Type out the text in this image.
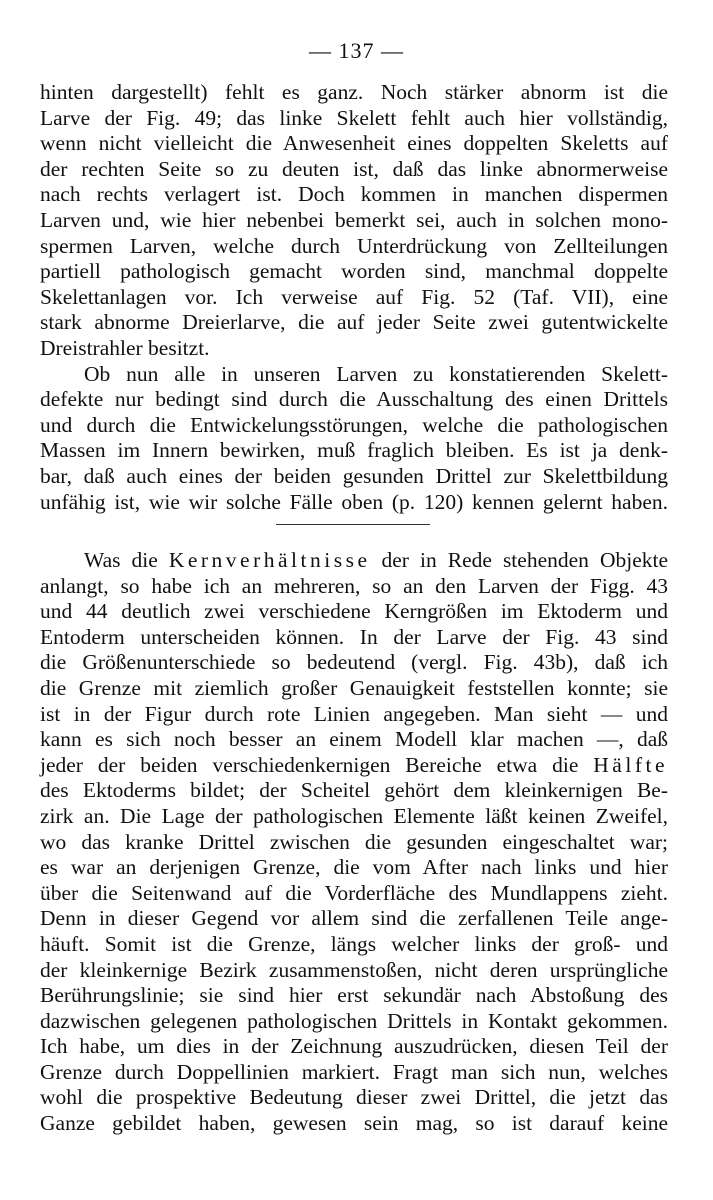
— 137 —
hinten dargestellt) fehlt es ganz. Noch stärker abnorm ist die
Larve der Fig. 49; das linke Skelett fehlt auch hier vollständig,
wenn nicht vielleicht die Anwesenheit eines doppelten Skeletts auf
der rechten Seite so zu deuten ist, daß das linke abnormerweise
nach rechts verlagert ist. Doch kommen in manchen dispermen
Larven und, wie hier nebenbei bemerkt sei, auch in solchen mono-
spermen Larven, welche durch Unterdrückung von Zellteilungen
partiell pathologisch gemacht worden sind, manchmal doppelte
Skelettanlagen vor. Ich verweise auf Fig. 52 (Taf. VII), eine
stark abnorme Dreierlarve, die auf jeder Seite zwei gutentwickelte
Dreistrahler besitzt.
Ob nun alle in unseren Larven zu konstatierenden Skelett-
defekte nur bedingt sind durch die Ausschaltung des einen Drittels
und durch die Entwickelungsstörungen, welche die pathologischen
Massen im Innern bewirken, muß fraglich bleiben. Es ist ja denk-
bar, daß auch eines der beiden gesunden Drittel zur Skelettbildung
unfähig ist, wie wir solche Fälle oben (p. 120) kennen gelernt haben.
Was die Kernverhältnisse der in Rede stehenden Objekte
anlangt, so habe ich an mehreren, so an den Larven der Figg. 43
und 44 deutlich zwei verschiedene Kerngrößen im Ektoderm und
Entoderm unterscheiden können. In der Larve der Fig. 43 sind
die Größenunterschiede so bedeutend (vergl. Fig. 43b), daß ich
die Grenze mit ziemlich großer Genauigkeit feststellen konnte; sie
ist in der Figur durch rote Linien angegeben. Man sieht — und
kann es sich noch besser an einem Modell klar machen —, daß
jeder der beiden verschiedenkernigen Bereiche etwa die Hälfte
des Ektoderms bildet; der Scheitel gehört dem kleinkernigen Be-
zirk an. Die Lage der pathologischen Elemente läßt keinen Zweifel,
wo das kranke Drittel zwischen die gesunden eingeschaltet war;
es war an derjenigen Grenze, die vom After nach links und hier
über die Seitenwand auf die Vorderfläche des Mundlappens zieht.
Denn in dieser Gegend vor allem sind die zerfallenen Teile ange-
häuft. Somit ist die Grenze, längs welcher links der groß- und
der kleinkernige Bezirk zusammenstoßen, nicht deren ursprüngliche
Berührungslinie; sie sind hier erst sekundär nach Abstoßung des
dazwischen gelegenen pathologischen Drittels in Kontakt gekommen.
Ich habe, um dies in der Zeichnung auszudrücken, diesen Teil der
Grenze durch Doppellinien markiert. Fragt man sich nun, welches
wohl die prospektive Bedeutung dieser zwei Drittel, die jetzt das
Ganze gebildet haben, gewesen sein mag, so ist darauf keine
